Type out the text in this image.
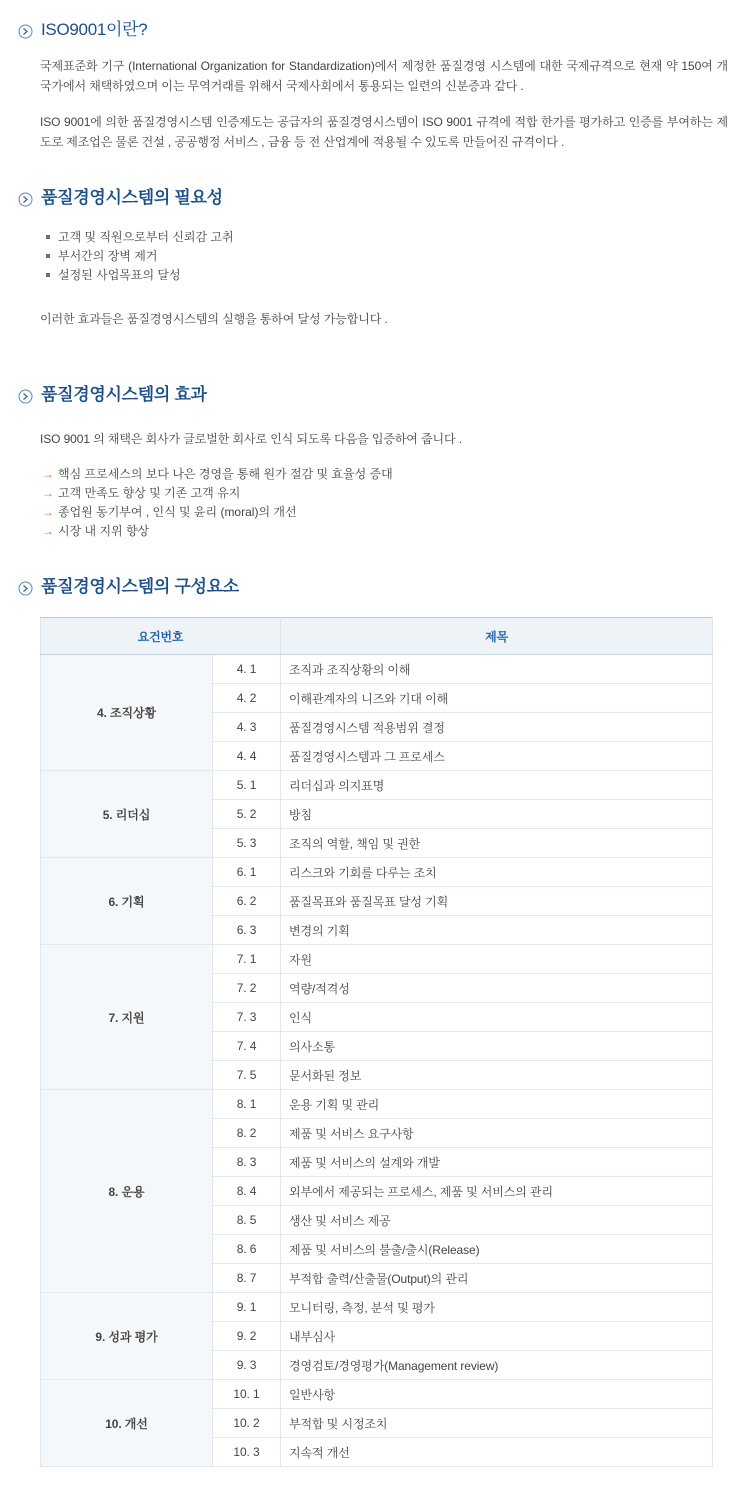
ISO9001이란?

국제표준화 기구 (International Organization for Standardization)에서 제정한 품질경영 시스템에 대한 국제규격으로 현재 약 150여 개 국가에서 채택하였으며 이는 무역거래를 위해서 국제사회에서 통용되는 일련의 신분증과 같다 .

ISO 9001에 의한 품질경영시스템 인증제도는 공급자의 품질경영시스템이 ISO 9001 규격에 적합 한가를 평가하고 인증를 부여하는 제도로 제조업은 물론 건설 , 공공행정 서비스 , 금융 등 전 산업계에 적용될 수 있도록 만들어진 규격이다 .

품질경영시스템의 필요성
고객 및 직원으로부터 신뢰감 고취
부서간의 장벽 제거
설정된 사업목표의 달성

이러한 효과들은 품질경영시스템의 실행을 통하여 달성 가능합니다 .

품질경영시스템의 효과

ISO 9001 의 채택은 회사가 글로벌한 회사로 인식 되도록 다음을 입증하여 줍니다 .

→ 핵심 프로세스의 보다 나은 경영을 통해 원가 절감 및 효율성 증대
→ 고객 만족도 향상 및 기존 고객 유지
→ 종업원 동기부여 , 인식 및 윤리 (moral)의 개선
→ 시장 내 지위 향상
품질경영시스템의 구성요소
요건번호		제목
4. 조직상황	4. 1	조직과 조직상황의 이해
	4. 2	이해관계자의 니즈와 기대 이해
	4. 3	품질경영시스템 적용범위 결정
	4. 4	품질경영시스템과 그 프로세스
5. 리더십	5. 1	리더십과 의지표명
	5. 2	방침
	5. 3	조직의 역할, 책임 및 권한
6. 기획	6. 1	리스크와 기회를 다루는 조치
	6. 2	품질목표와 품질목표 달성 기획
	6. 3	변경의 기획
7. 지원	7. 1	자원
	7. 2	역량/적격성
	7. 3	인식
	7. 4	의사소통
	7. 5	문서화된 정보
8. 운용	8. 1	운용 기획 및 관리
	8. 2	제품 및 서비스 요구사항
	8. 3	제품 및 서비스의 설계와 개발
	8. 4	외부에서 제공되는 프로세스, 제품 및 서비스의 관리
	8. 5	생산 및 서비스 제공
	8. 6	제품 및 서비스의 불출/출시(Release)
	8. 7	부적합 출력/산출물(Output)의 관리
9. 성과 평가	9. 1	모니터링, 측정, 분석 및 평가
	9. 2	내부심사
	9. 3	경영검토/경영평가(Management review)
10. 개선	10. 1	일반사항
	10. 2	부적합 및 시정조치
	10. 3	지속적 개선
